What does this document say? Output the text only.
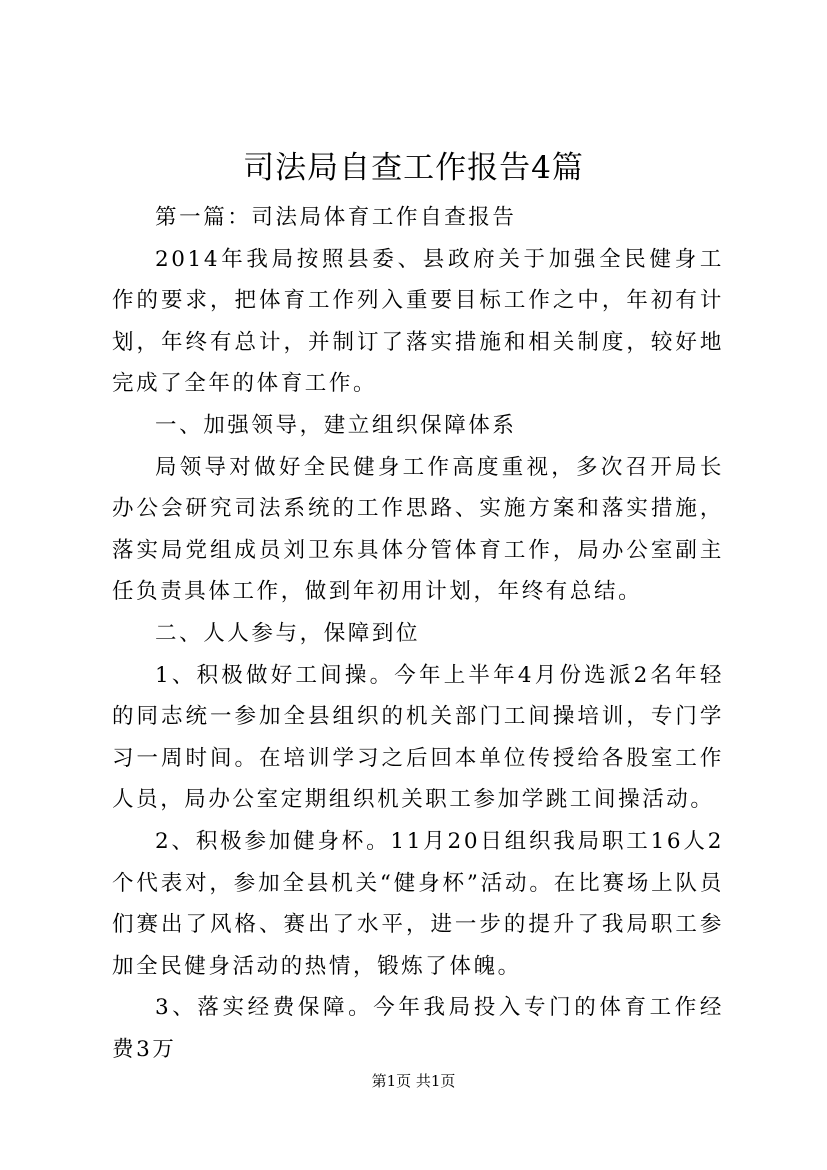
司法局自查工作报告4篇

第一篇：司法局体育工作自查报告

2014年我局按照县委、县政府关于加强全民健身工作的要求，把体育工作列入重要目标工作之中，年初有计划，年终有总计，并制订了落实措施和相关制度，较好地完成了全年的体育工作。

一、加强领导，建立组织保障体系

局领导对做好全民健身工作高度重视，多次召开局长办公会研究司法系统的工作思路、实施方案和落实措施，落实局党组成员刘卫东具体分管体育工作，局办公室副主任负责具体工作，做到年初用计划，年终有总结。

二、人人参与，保障到位

1、积极做好工间操。今年上半年4月份选派2名年轻的同志统一参加全县组织的机关部门工间操培训，专门学习一周时间。在培训学习之后回本单位传授给各股室工作人员，局办公室定期组织机关职工参加学跳工间操活动。

2、积极参加健身杯。11月20日组织我局职工16人2个代表对，参加全县机关“健身杯”活动。在比赛场上队员们赛出了风格、赛出了水平，进一步的提升了我局职工参加全民健身活动的热情，锻炼了体魄。

3、落实经费保障。今年我局投入专门的体育工作经费3万

第1页 共1页
